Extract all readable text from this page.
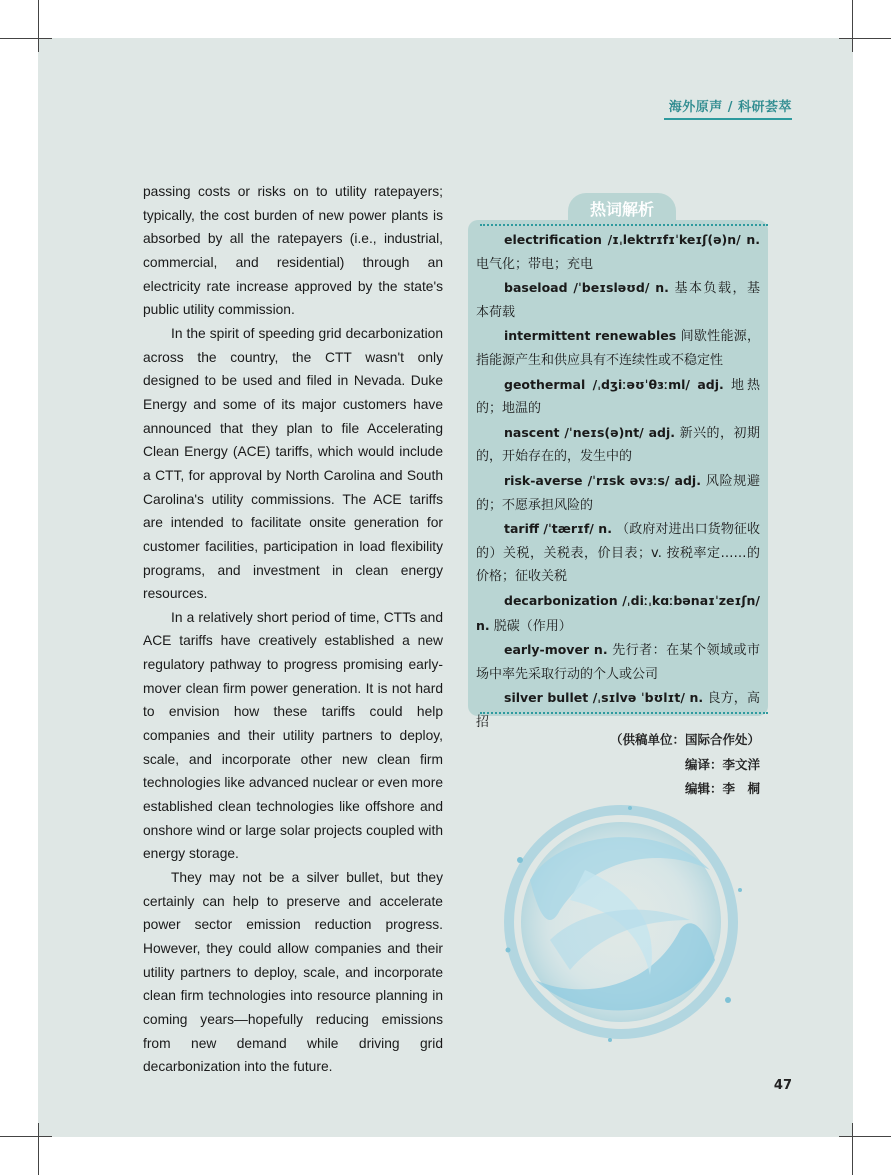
海外原声 / 科研荟萃

passing costs or risks on to utility ratepayers; typically, the cost burden of new power plants is absorbed by all the ratepayers (i.e., industrial, commercial, and residential) through an electricity rate increase approved by the state's public utility commission.

In the spirit of speeding grid decarbonization across the country, the CTT wasn't only designed to be used and filed in Nevada. Duke Energy and some of its major customers have announced that they plan to file Accelerating Clean Energy (ACE) tariffs, which would include a CTT, for approval by North Carolina and South Carolina's utility commissions. The ACE tariffs are intended to facilitate onsite generation for customer facilities, participation in load flexibility programs, and investment in clean energy resources.

In a relatively short period of time, CTTs and ACE tariffs have creatively established a new regulatory pathway to progress promising early-mover clean firm power generation. It is not hard to envision how these tariffs could help companies and their utility partners to deploy, scale, and incorporate other new clean firm technologies like advanced nuclear or even more established clean technologies like offshore and onshore wind or large solar projects coupled with energy storage.

They may not be a silver bullet, but they certainly can help to preserve and accelerate power sector emission reduction progress. However, they could allow companies and their utility partners to deploy, scale, and incorporate clean firm technologies into resource planning in coming years—hopefully reducing emissions from new demand while driving grid decarbonization into the future.

热词解析

electrification /ɪˌlektrɪfɪˈkeɪʃ(ə)n/ n. 电气化；带电；充电

baseload /ˈbeɪsləʊd/ n. 基本负载，基本荷载

intermittent renewables 间歇性能源，指能源产生和供应具有不连续性或不稳定性

geothermal /ˌdʒiːəʊˈθɜːml/ adj. 地热的；地温的

nascent /ˈneɪs(ə)nt/ adj. 新兴的，初期的，开始存在的，发生中的

risk-averse /ˈrɪsk əvɜːs/ adj. 风险规避的；不愿承担风险的

tariff /ˈtærɪf/ n. （政府对进出口货物征收的）关税，关税表，价目表；v. 按税率定……的价格；征收关税

decarbonization /ˌdiːˌkɑːbənaɪˈzeɪʃn/ n. 脱碳（作用）

early-mover n. 先行者：在某个领域或市场中率先采取行动的个人或公司

silver bullet /ˌsɪlvə ˈbʊlɪt/ n. 良方，高招

（供稿单位：国际合作处）
编译：李文洋
编辑：李　桐
47
